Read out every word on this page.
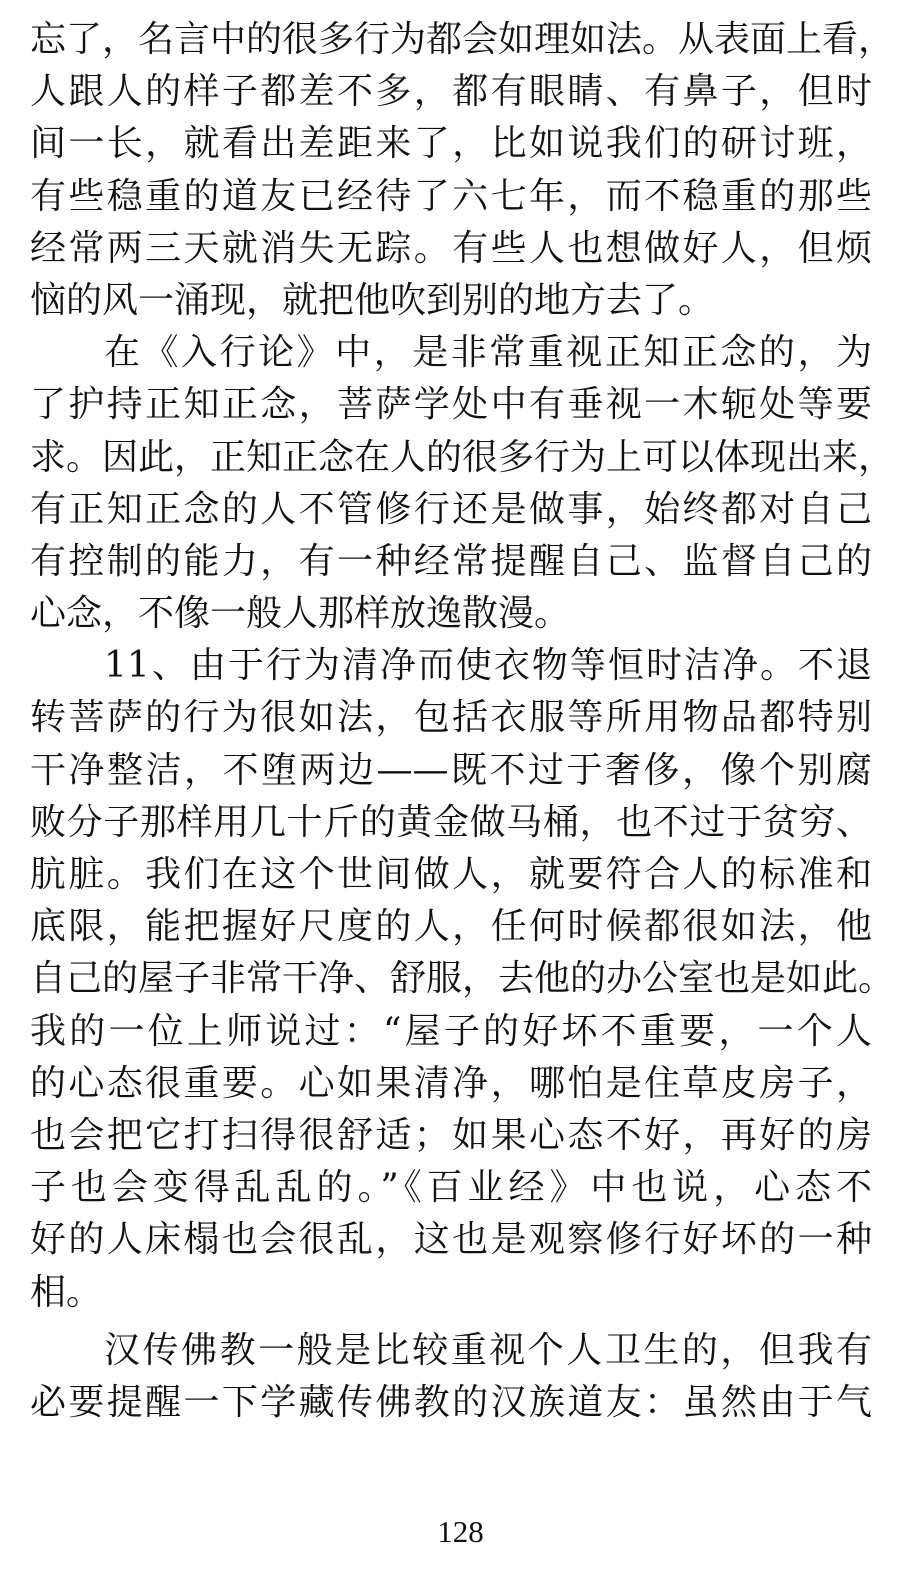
忘了，名言中的很多行为都会如理如法。从表面上看，
人跟人的样子都差不多，都有眼睛、有鼻子，但时
间一长，就看出差距来了，比如说我们的研讨班，
有些稳重的道友已经待了六七年，而不稳重的那些
经常两三天就消失无踪。有些人也想做好人，但烦
恼的风一涌现，就把他吹到别的地方去了。
在《入行论》中，是非常重视正知正念的，为
了护持正知正念，菩萨学处中有垂视一木轭处等要
求。因此，正知正念在人的很多行为上可以体现出来，
有正知正念的人不管修行还是做事，始终都对自己
有控制的能力，有一种经常提醒自己、监督自己的
心念，不像一般人那样放逸散漫。
11、由于行为清净而使衣物等恒时洁净。不退
转菩萨的行为很如法，包括衣服等所用物品都特别
干净整洁，不堕两边——既不过于奢侈，像个别腐
败分子那样用几十斤的黄金做马桶，也不过于贫穷、
肮脏。我们在这个世间做人，就要符合人的标准和
底限，能把握好尺度的人，任何时候都很如法，他
自己的屋子非常干净、舒服，去他的办公室也是如此。
我的一位上师说过：“屋子的好坏不重要，一个人
的心态很重要。心如果清净，哪怕是住草皮房子，
也会把它打扫得很舒适；如果心态不好，再好的房
子也会变得乱乱的。”《百业经》中也说，心态不
好的人床榻也会很乱，这也是观察修行好坏的一种
相。
汉传佛教一般是比较重视个人卫生的，但我有
必要提醒一下学藏传佛教的汉族道友：虽然由于气
128
